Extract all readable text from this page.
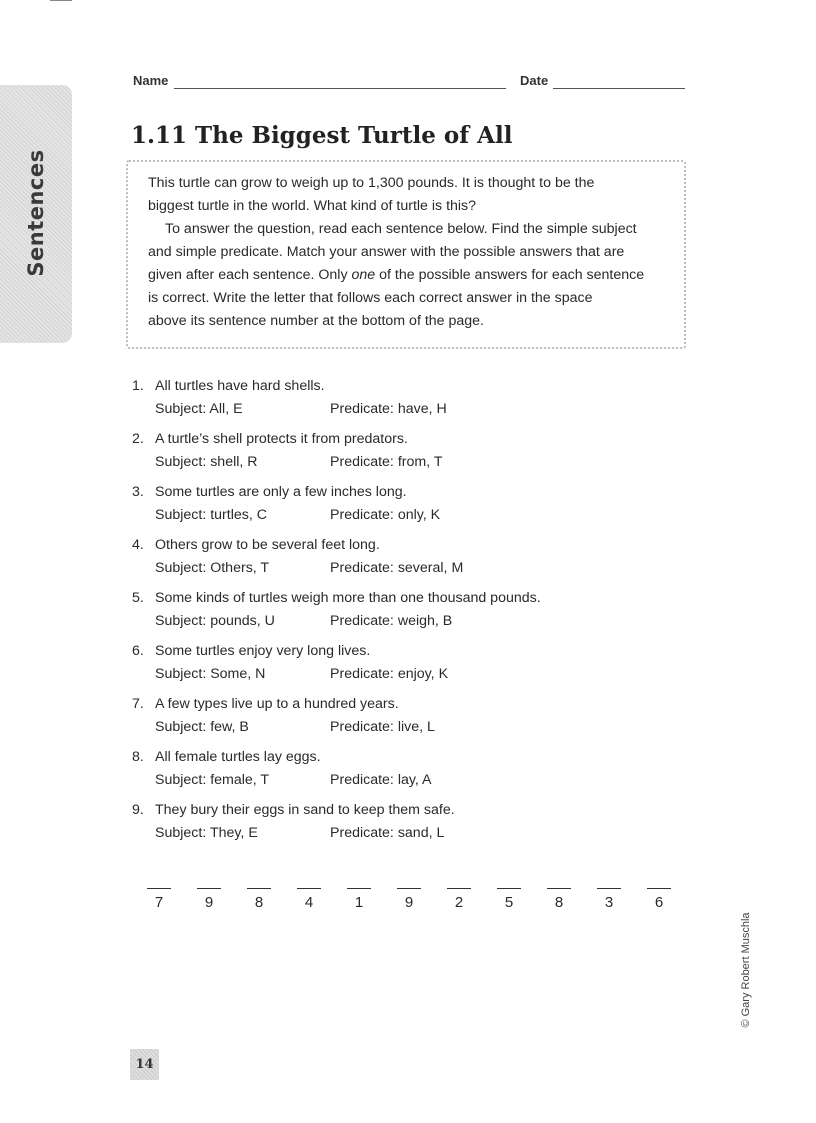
Sentences
Name	Date
1.11 The Biggest Turtle of All

This turtle can grow to weigh up to 1,300 pounds. It is thought to be the

biggest turtle in the world. What kind of turtle is this?

To answer the question, read each sentence below. Find the simple subject

and simple predicate. Match your answer with the possible answers that are

given after each sentence. Only one of the possible answers for each sentence

is correct. Write the letter that follows each correct answer in the space

above its sentence number at the bottom of the page.

1. All turtles have hard shells.
Subject: All, E	Predicate: have, H
2. A turtle’s shell protects it from predators.
Subject: shell, R	Predicate: from, T
3. Some turtles are only a few inches long.
Subject: turtles, C	Predicate: only, K
4. Others grow to be several feet long.
Subject: Others, T	Predicate: several, M
5. Some kinds of turtles weigh more than one thousand pounds.
Subject: pounds, U	Predicate: weigh, B
6. Some turtles enjoy very long lives.
Subject: Some, N	Predicate: enjoy, K
7. A few types live up to a hundred years.
Subject: few, B	Predicate: live, L
8. All female turtles lay eggs.
Subject: female, T	Predicate: lay, A
9. They bury their eggs in sand to keep them safe.
Subject: They, E	Predicate: sand, L
7	9	8	4	1	9	2	5	8	3	6
© Gary Robert Muschla
14
